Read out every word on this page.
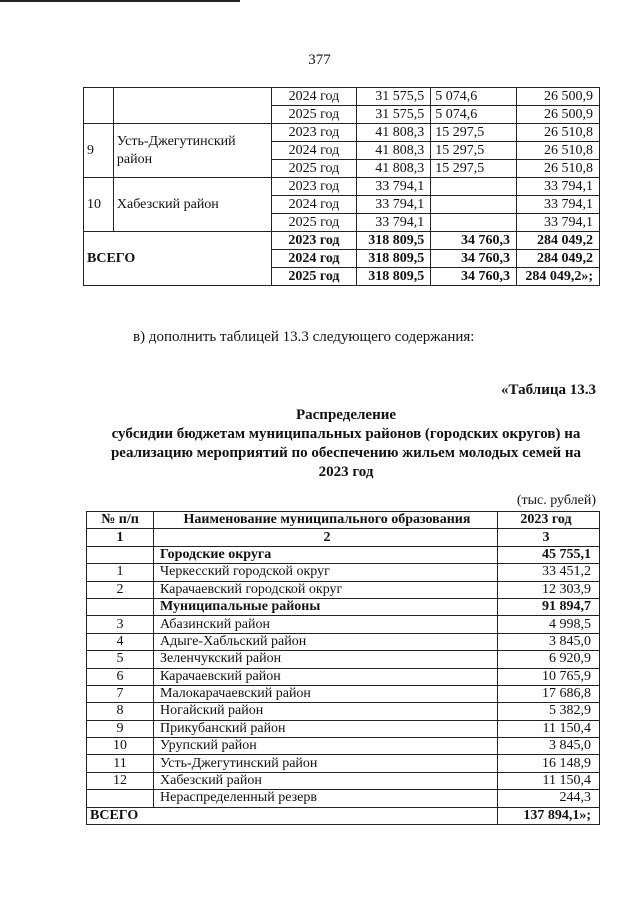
377
		2024 год	31 575,5	5 074,6	26 500,9
		2025 год	31 575,5	5 074,6	26 500,9
9	Усть-Джегутинский район	2023 год	41 808,3	15 297,5	26 510,8
		2024 год	41 808,3	15 297,5	26 510,8
		2025 год	41 808,3	15 297,5	26 510,8
10	Хабезский район	2023 год	33 794,1		33 794,1
		2024 год	33 794,1		33 794,1
		2025 год	33 794,1		33 794,1
ВСЕГО		2023 год	318 809,5	34 760,3	284 049,2
		2024 год	318 809,5	34 760,3	284 049,2
		2025 год	318 809,5	34 760,3	284 049,2»;
в) дополнить таблицей 13.3 следующего содержания:
«Таблица 13.3
Распределение
субсидии бюджетам муниципальных районов (городских округов) на
реализацию мероприятий по обеспечению жильем молодых семей на
2023 год
(тыс. рублей)
№ п/п	Наименование муниципального образования	2023 год
1	2	3
	Городские округа	45 755,1
1	Черкесский городской округ	33 451,2
2	Карачаевский городской округ	12 303,9
	Муниципальные районы	91 894,7
3	Абазинский район	4 998,5
4	Адыге-Хабльский район	3 845,0
5	Зеленчукский район	6 920,9
6	Карачаевский район	10 765,9
7	Малокарачаевский район	17 686,8
8	Ногайский район	5 382,9
9	Прикубанский район	11 150,4
10	Урупский район	3 845,0
11	Усть-Джегутинский район	16 148,9
12	Хабезский район	11 150,4
	Нераспределенный резерв	244,3
ВСЕГО		137 894,1»;
